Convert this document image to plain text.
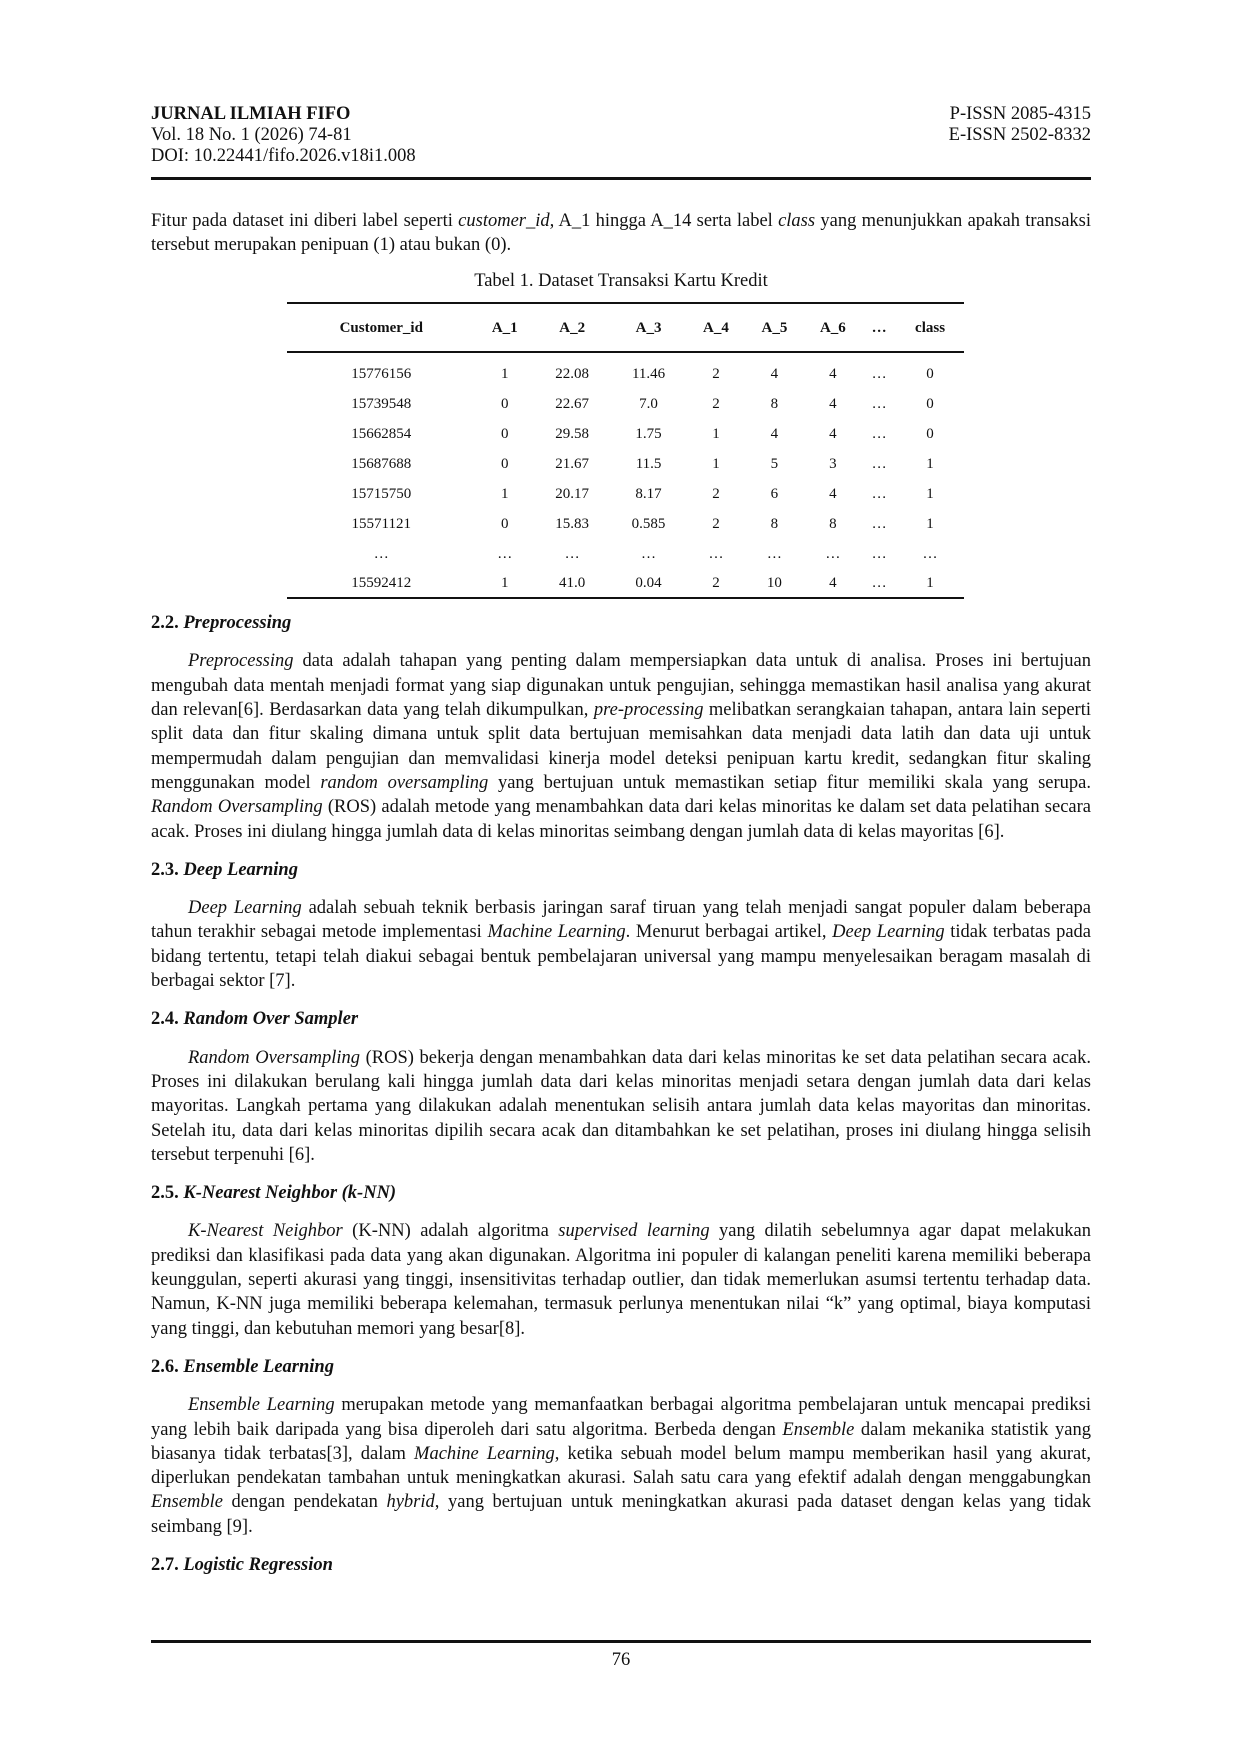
JURNAL ILMIAH FIFO
Vol. 18 No. 1 (2026) 74-81
DOI: 10.22441/fifo.2026.v18i1.008
P-ISSN 2085-4315
E-ISSN 2502-8332

Fitur pada dataset ini diberi label seperti customer_id, A_1 hingga A_14 serta label class yang menunjukkan apakah transaksi tersebut merupakan penipuan (1) atau bukan (0).

Tabel 1. Dataset Transaksi Kartu Kredit
Customer_id	A_1	A_2	A_3	A_4	A_5	A_6	…	class
15776156	1	22.08	11.46	2	4	4	…	0
15739548	0	22.67	7.0	2	8	4	…	0
15662854	0	29.58	1.75	1	4	4	…	0
15687688	0	21.67	11.5	1	5	3	…	1
15715750	1	20.17	8.17	2	6	4	…	1
15571121	0	15.83	0.585	2	8	8	…	1
…	…	…	…	…	…	…	…	…
15592412	1	41.0	0.04	2	10	4	…	1
2.2. Preprocessing

Preprocessing data adalah tahapan yang penting dalam mempersiapkan data untuk di analisa. Proses ini bertujuan mengubah data mentah menjadi format yang siap digunakan untuk pengujian, sehingga memastikan hasil analisa yang akurat dan relevan[6]. Berdasarkan data yang telah dikumpulkan, pre-processing melibatkan serangkaian tahapan, antara lain seperti split data dan fitur skaling dimana untuk split data bertujuan memisahkan data menjadi data latih dan data uji untuk mempermudah dalam pengujian dan memvalidasi kinerja model deteksi penipuan kartu kredit, sedangkan fitur skaling menggunakan model random oversampling yang bertujuan untuk memastikan setiap fitur memiliki skala yang serupa. Random Oversampling (ROS) adalah metode yang menambahkan data dari kelas minoritas ke dalam set data pelatihan secara acak. Proses ini diulang hingga jumlah data di kelas minoritas seimbang dengan jumlah data di kelas mayoritas [6].

2.3. Deep Learning

Deep Learning adalah sebuah teknik berbasis jaringan saraf tiruan yang telah menjadi sangat populer dalam beberapa tahun terakhir sebagai metode implementasi Machine Learning. Menurut berbagai artikel, Deep Learning tidak terbatas pada bidang tertentu, tetapi telah diakui sebagai bentuk pembelajaran universal yang mampu menyelesaikan beragam masalah di berbagai sektor [7].

2.4. Random Over Sampler

Random Oversampling (ROS) bekerja dengan menambahkan data dari kelas minoritas ke set data pelatihan secara acak. Proses ini dilakukan berulang kali hingga jumlah data dari kelas minoritas menjadi setara dengan jumlah data dari kelas mayoritas. Langkah pertama yang dilakukan adalah menentukan selisih antara jumlah data kelas mayoritas dan minoritas. Setelah itu, data dari kelas minoritas dipilih secara acak dan ditambahkan ke set pelatihan, proses ini diulang hingga selisih tersebut terpenuhi [6].

2.5. K-Nearest Neighbor (k-NN)

K-Nearest Neighbor (K-NN) adalah algoritma supervised learning yang dilatih sebelumnya agar dapat melakukan prediksi dan klasifikasi pada data yang akan digunakan. Algoritma ini populer di kalangan peneliti karena memiliki beberapa keunggulan, seperti akurasi yang tinggi, insensitivitas terhadap outlier, dan tidak memerlukan asumsi tertentu terhadap data. Namun, K-NN juga memiliki beberapa kelemahan, termasuk perlunya menentukan nilai “k” yang optimal, biaya komputasi yang tinggi, dan kebutuhan memori yang besar[8].

2.6. Ensemble Learning

Ensemble Learning merupakan metode yang memanfaatkan berbagai algoritma pembelajaran untuk mencapai prediksi yang lebih baik daripada yang bisa diperoleh dari satu algoritma. Berbeda dengan Ensemble dalam mekanika statistik yang biasanya tidak terbatas[3], dalam Machine Learning, ketika sebuah model belum mampu memberikan hasil yang akurat, diperlukan pendekatan tambahan untuk meningkatkan akurasi. Salah satu cara yang efektif adalah dengan menggabungkan Ensemble dengan pendekatan hybrid, yang bertujuan untuk meningkatkan akurasi pada dataset dengan kelas yang tidak seimbang [9].

2.7. Logistic Regression
76
